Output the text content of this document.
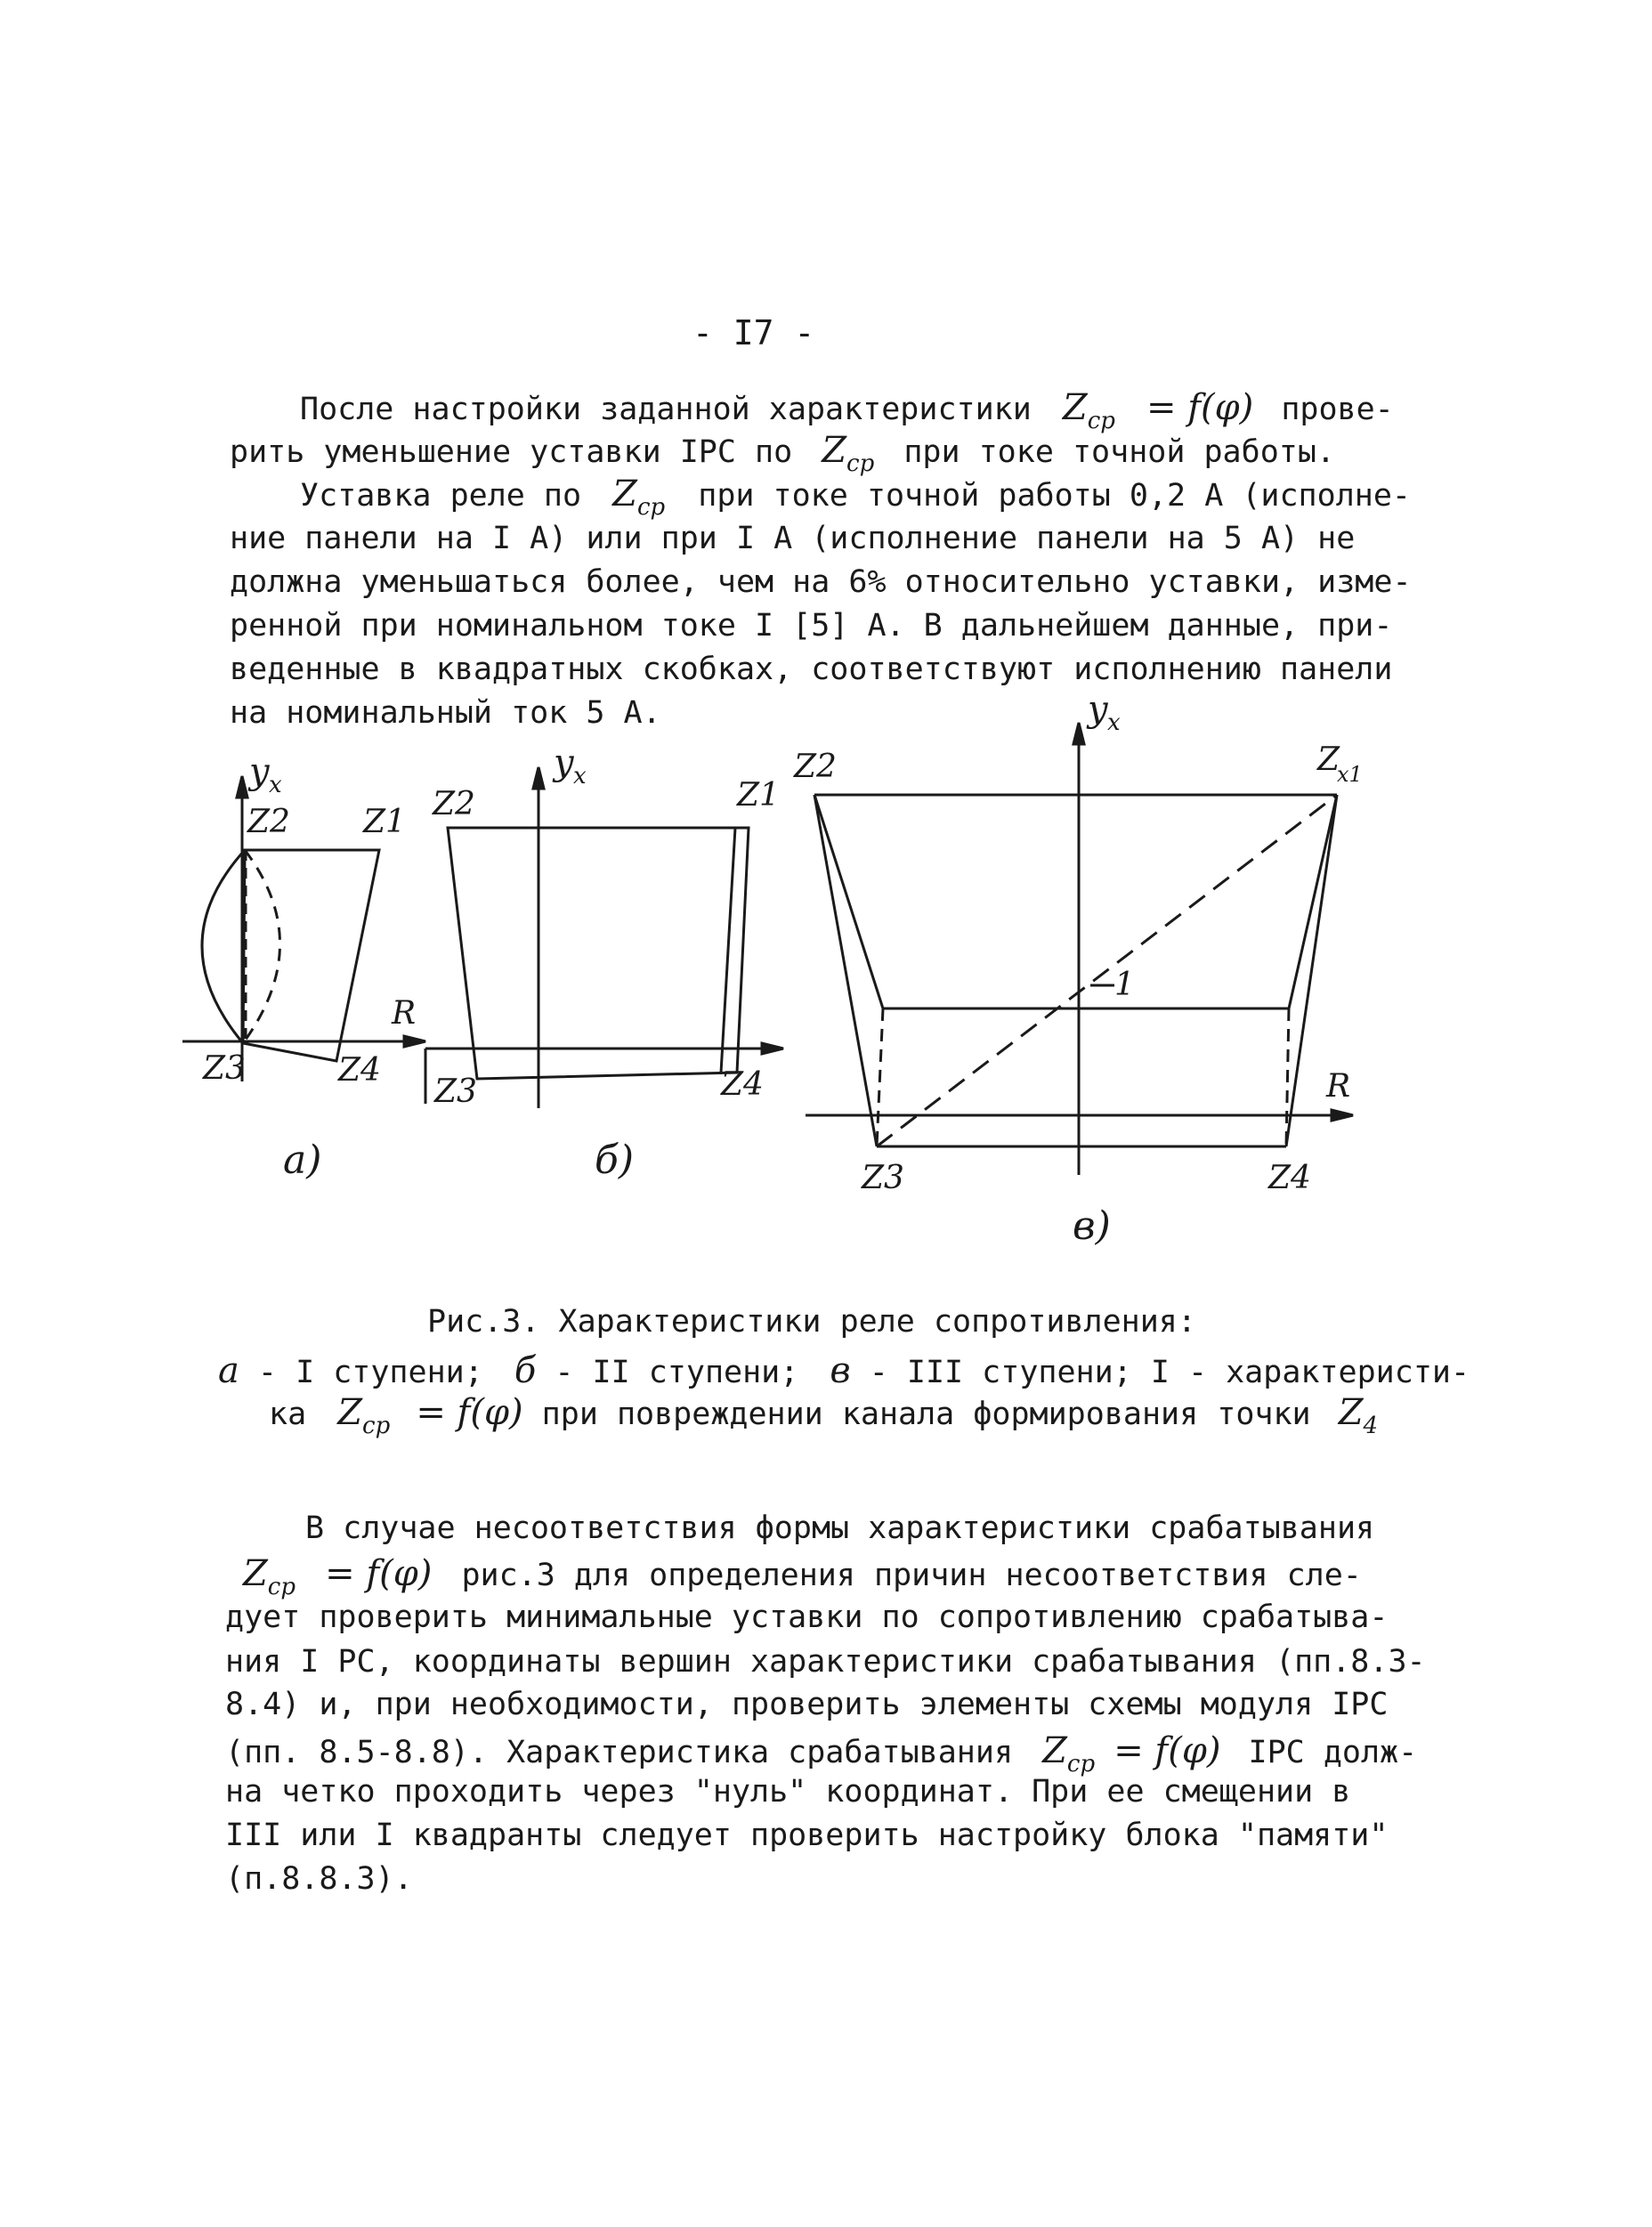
- I7 -
После настройки заданной характеристики $Z_{cp} = f(\varphi)$ прове-
рить уменьшение уставки IPC по $Z_{cp}$ при токе точной работы.
Уставка реле по $Z_{cp}$ при токе точной работы 0,2 А (исполне-
ние панели на I А) или при I А (исполнение панели на 5 А) не
должна уменьшаться более, чем на 6% относительно уставки, изме-
ренной при номинальном токе I [5] А. В дальнейшем данные, при-
веденные в квадратных скобках, соответствуют исполнению панели
на номинальный ток 5 А.
y x
Z2 Z1
R
Z3	Z4
a)
y x
Z2	Z1
Z3	Z4
б)
y x
Z2	Z
x1
1
R
Z3	Z4
в)
Рис.3. Характеристики реле сопротивления:
а - I ступени; б - II ступени; в - III ступени; I - характеристи-
ка $Z_{cp} = f(\varphi)$ при повреждении канала формирования точки $Z_4$
В случае несоответствия формы характеристики срабатывания
$Z_{cp} = f(\varphi)$ рис.3 для определения причин несоответствия сле-
дует проверить минимальные уставки по сопротивлению срабатыва-
ния I PC, координаты вершин характеристики срабатывания (пп.8.3-
8.4) и, при необходимости, проверить элементы схемы модуля IPC
(пп. 8.5-8.8). Характеристика срабатывания $Z_{cp} = f(\varphi)$ IPC долж-
на четко проходить через "нуль" координат. При ее смещении в
III или I квадранты следует проверить настройку блока "памяти"
(п.8.8.3).
